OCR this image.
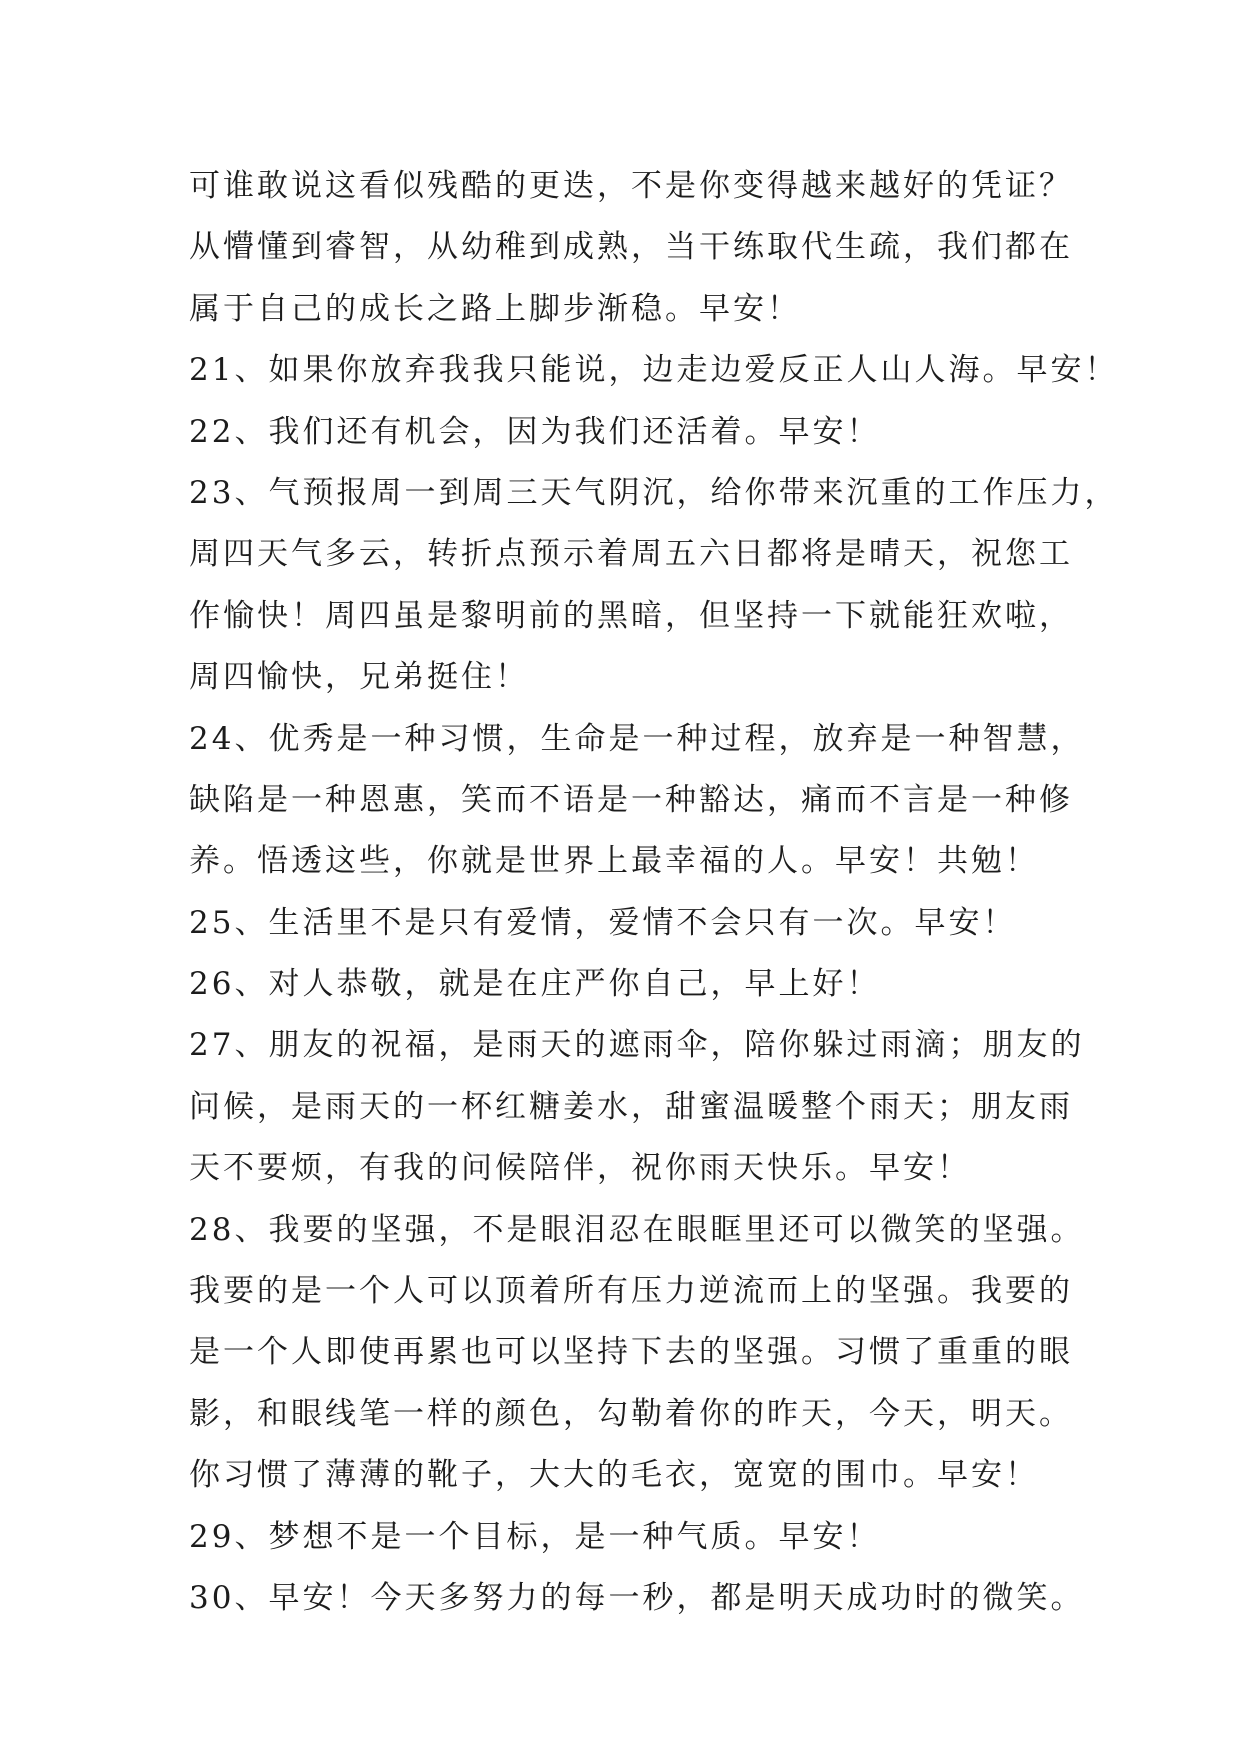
可谁敢说这看似残酷的更迭，不是你变得越来越好的凭证？
从懵懂到睿智，从幼稚到成熟，当干练取代生疏，我们都在
属于自己的成长之路上脚步渐稳。早安！
21、如果你放弃我我只能说，边走边爱反正人山人海。早安！
22、我们还有机会，因为我们还活着。早安！
23、气预报周一到周三天气阴沉，给你带来沉重的工作压力，
周四天气多云，转折点预示着周五六日都将是晴天，祝您工
作愉快！周四虽是黎明前的黑暗，但坚持一下就能狂欢啦，
周四愉快，兄弟挺住！
24、优秀是一种习惯，生命是一种过程，放弃是一种智慧，
缺陷是一种恩惠，笑而不语是一种豁达，痛而不言是一种修
养。悟透这些，你就是世界上最幸福的人。早安！共勉！
25、生活里不是只有爱情，爱情不会只有一次。早安！
26、对人恭敬，就是在庄严你自己，早上好！
27、朋友的祝福，是雨天的遮雨伞，陪你躲过雨滴；朋友的
问候，是雨天的一杯红糖姜水，甜蜜温暖整个雨天；朋友雨
天不要烦，有我的问候陪伴，祝你雨天快乐。早安！
28、我要的坚强，不是眼泪忍在眼眶里还可以微笑的坚强。
我要的是一个人可以顶着所有压力逆流而上的坚强。我要的
是一个人即使再累也可以坚持下去的坚强。习惯了重重的眼
影，和眼线笔一样的颜色，勾勒着你的昨天，今天，明天。
你习惯了薄薄的靴子，大大的毛衣，宽宽的围巾。早安！
29、梦想不是一个目标，是一种气质。早安！
30、早安！今天多努力的每一秒，都是明天成功时的微笑。
